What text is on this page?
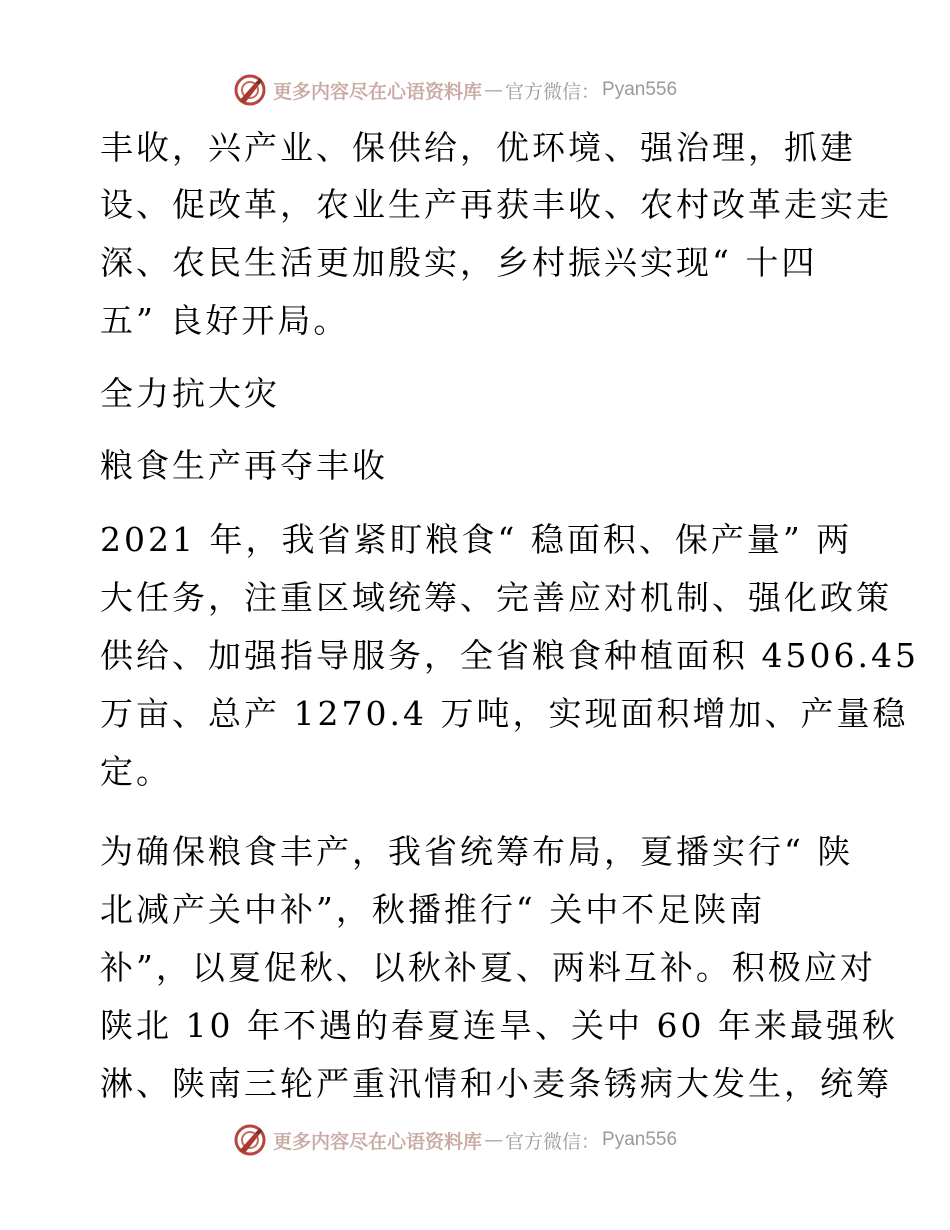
更多内容尽在心语资料库 — 官方微信： Pyan556
丰收，兴产业、保供给，优环境、强治理，抓建
设、促改革，农业生产再获丰收、农村改革走实走
深、农民生活更加殷实，乡村振兴实现“ 十四
五” 良好开局。
全力抗大灾
粮食生产再夺丰收
2021 年，我省紧盯粮食“ 稳面积、保产量” 两
大任务，注重区域统筹、完善应对机制、强化政策
供给、加强指导服务，全省粮食种植面积 4506.45
万亩、总产 1270.4 万吨，实现面积增加、产量稳
定。
为确保粮食丰产，我省统筹布局，夏播实行“ 陕
北减产关中补”，秋播推行“ 关中不足陕南
补”，以夏促秋、以秋补夏、两料互补。积极应对
陕北 10 年不遇的春夏连旱、关中 60 年来最强秋
淋、陕南三轮严重汛情和小麦条锈病大发生，统筹
更多内容尽在心语资料库 — 官方微信： Pyan556
